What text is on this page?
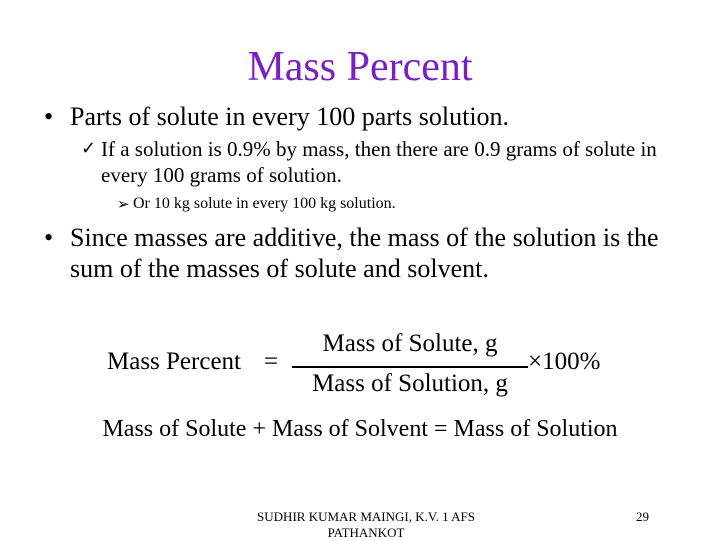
Mass Percent
• Parts of solute in every 100 parts solution.
✓ If a solution is 0.9% by mass, then there are 0.9 grams of solute in every 100 grams of solution.
➢ Or 10 kg solute in every 100 kg solution.
• Since masses are additive, the mass of the solution is the sum of the masses of solute and solvent.
Mass Percent =
Mass of Solute, g
Mass of Solution, g
×100%
Mass of Solute + Mass of Solvent = Mass of Solution
SUDHIR KUMAR MAINGI, K.V. 1 AFS PATHANKOT
29
